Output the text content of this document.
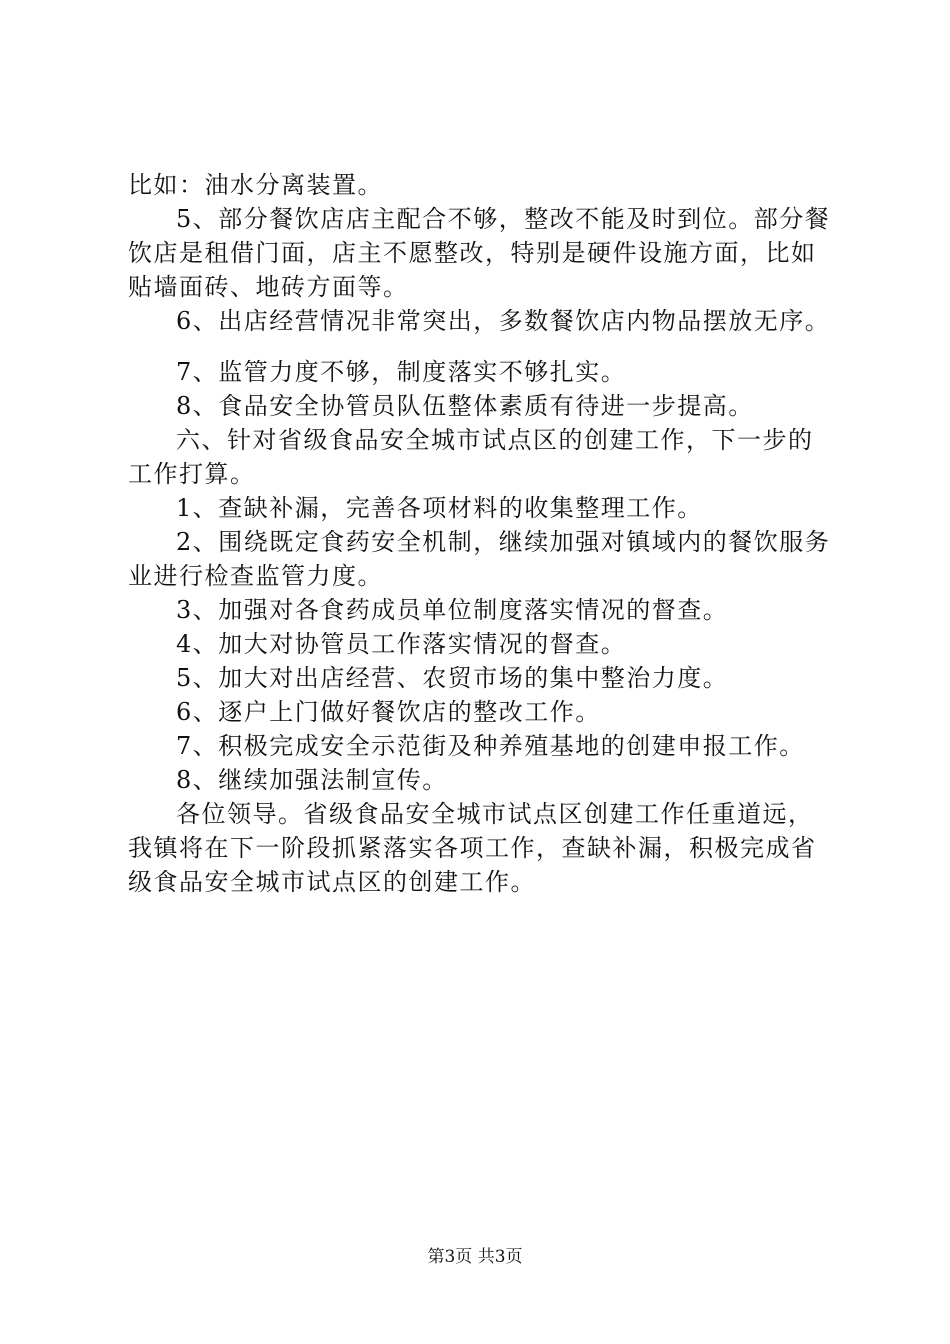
比如：油水分离装置。
5、部分餐饮店店主配合不够，整改不能及时到位。部分餐
饮店是租借门面，店主不愿整改，特别是硬件设施方面，比如
贴墙面砖、地砖方面等。
6、出店经营情况非常突出，多数餐饮店内物品摆放无序。
7、监管力度不够，制度落实不够扎实。
8、食品安全协管员队伍整体素质有待进一步提高。
六、针对省级食品安全城市试点区的创建工作，下一步的
工作打算。
1、查缺补漏，完善各项材料的收集整理工作。
2、围绕既定食药安全机制，继续加强对镇域内的餐饮服务
业进行检查监管力度。
3、加强对各食药成员单位制度落实情况的督查。
4、加大对协管员工作落实情况的督查。
5、加大对出店经营、农贸市场的集中整治力度。
6、逐户上门做好餐饮店的整改工作。
7、积极完成安全示范街及种养殖基地的创建申报工作。
8、继续加强法制宣传。
各位领导。省级食品安全城市试点区创建工作任重道远，
我镇将在下一阶段抓紧落实各项工作，查缺补漏，积极完成省
级食品安全城市试点区的创建工作。
第3页 共3页
